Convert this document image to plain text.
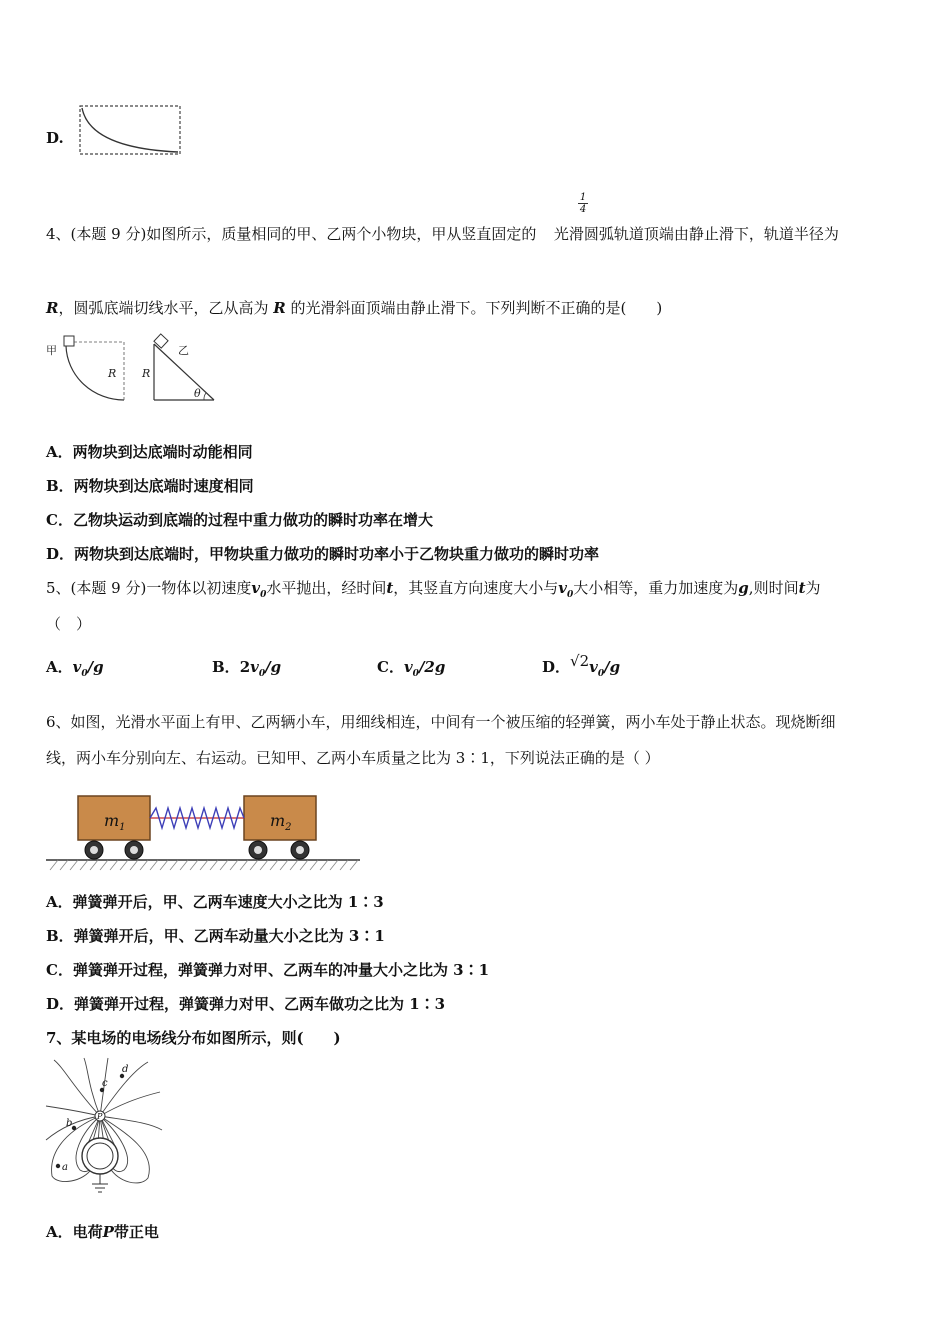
D.
1
4
4、(本题 9 分)如图所示，质量相同的甲、乙两个小物块，甲从竖直固定的 光滑圆弧轨道顶端由静止滑下，轨道半径为
R，圆弧底端切线水平，乙从高为 R 的光滑斜面顶端由静止滑下。下列判断不正确的是(　　)
甲
R
乙
R
θ
A．两物块到达底端时动能相同
B．两物块到达底端时速度相同
C．乙物块运动到底端的过程中重力做功的瞬时功率在增大
D．两物块到达底端时，甲物块重力做功的瞬时功率小于乙物块重力做功的瞬时功率
5、(本题 9 分)一物体以初速度$v_0$水平抛出，经时间t，其竖直方向速度大小与$v_0$大小相等，重力加速度为g,则时间t为
（　）
A．$v_0/g$	B．$2v_0/g$	C．$v_0/2g$	D．$√2v_0/g$
6、如图，光滑水平面上有甲、乙两辆小车，用细线相连，中间有一个被压缩的轻弹簧，两小车处于静止状态。现烧断细
线，两小车分别向左、右运动。已知甲、乙两小车质量之比为 3∶1，下列说法正确的是（ ）
$m_1$	$m_2$
A．弹簧弹开后，甲、乙两车速度大小之比为 1∶3
B．弹簧弹开后，甲、乙两车动量大小之比为 3∶1
C．弹簧弹开过程，弹簧弹力对甲、乙两车的冲量大小之比为 3∶1
D．弹簧弹开过程，弹簧弹力对甲、乙两车做功之比为 1∶3
7、某电场的电场线分布如图所示，则(　　)
P
a
b
c
d
A．电荷P带正电
